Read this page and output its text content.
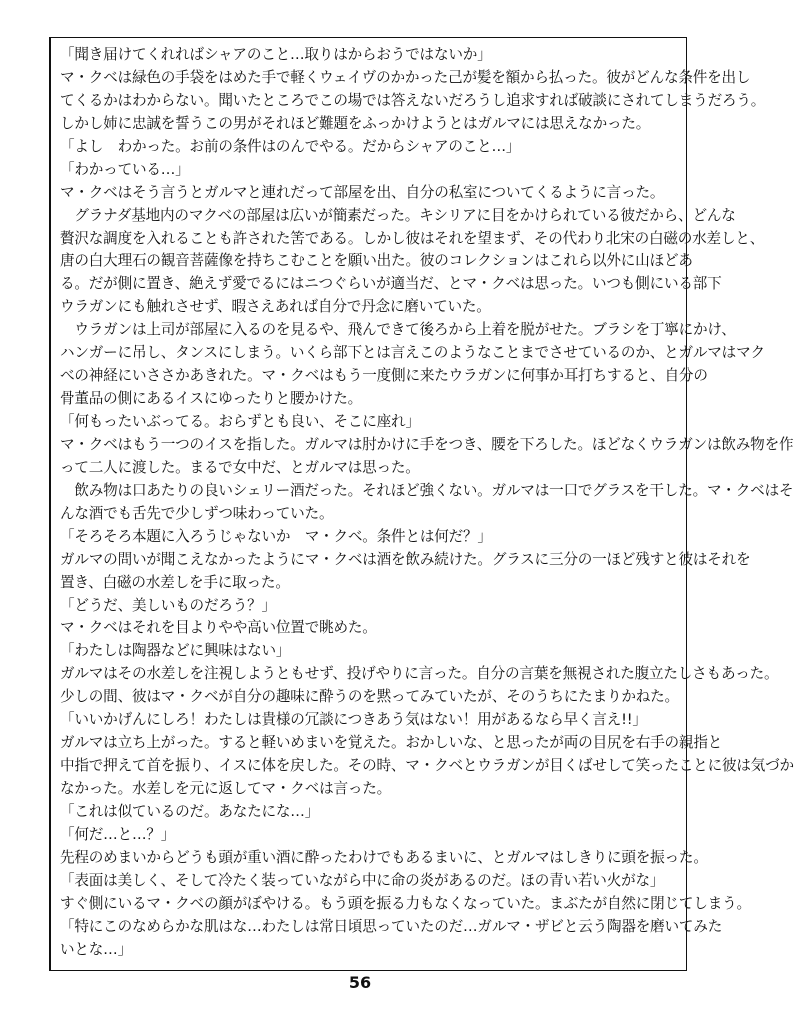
「聞き届けてくれればシャアのこと…取りはからおうではないか」
マ・クベは緑色の手袋をはめた手で軽くウェイヴのかかった己が髪を額から払った。彼がどんな条件を出し
てくるかはわからない。聞いたところでこの場では答えないだろうし追求すれば破談にされてしまうだろう。
しかし姉に忠誠を誓うこの男がそれほど難題をふっかけようとはガルマには思えなかった。
「よし　わかった。お前の条件はのんでやる。だからシャアのこと…」
「わかっている…」
マ・クベはそう言うとガルマと連れだって部屋を出、自分の私室についてくるように言った。
　グラナダ基地内のマクベの部屋は広いが簡素だった。キシリアに目をかけられている彼だから、どんな
贅沢な調度を入れることも許された筈である。しかし彼はそれを望まず、その代わり北宋の白磁の水差しと、
唐の白大理石の観音菩薩像を持ちこむことを願い出た。彼のコレクションはこれら以外に山ほどあ
る。だが側に置き、絶えず愛でるにはニつぐらいが適当だ、とマ・クベは思った。いつも側にいる部下
ウラガンにも触れさせず、暇さえあれば自分で丹念に磨いていた。
　ウラガンは上司が部屋に入るのを見るや、飛んできて後ろから上着を脱がせた。ブラシを丁寧にかけ、
ハンガーに吊し、タンスにしまう。いくら部下とは言えこのようなことまでさせているのか、とガルマはマク
べの神経にいささかあきれた。マ・クベはもう一度側に来たウラガンに何事か耳打ちすると、自分の
骨董品の側にあるイスにゆったりと腰かけた。
「何もったいぶってる。おらずとも良い、そこに座れ」
マ・クベはもう一つのイスを指した。ガルマは肘かけに手をつき、腰を下ろした。ほどなくウラガンは飲み物を作
って二人に渡した。まるで女中だ、とガルマは思った。
　飲み物は口あたりの良いシェリー酒だった。それほど強くない。ガルマは一口でグラスを干した。マ・クベはそ
んな酒でも舌先で少しずつ味わっていた。
「そろそろ本題に入ろうじゃないか　マ・クベ。条件とは何だ？」
ガルマの問いが聞こえなかったようにマ・クベは酒を飲み続けた。グラスに三分の一ほど残すと彼はそれを
置き、白磁の水差しを手に取った。
「どうだ、美しいものだろう？」
マ・クベはそれを目よりやや高い位置で眺めた。
「わたしは陶器などに興味はない」
ガルマはその水差しを注視しようともせず、投げやりに言った。自分の言葉を無視された腹立たしさもあった。
少しの間、彼はマ・クベが自分の趣味に酔うのを黙ってみていたが、そのうちにたまりかねた。
「いいかげんにしろ！わたしは貴様の冗談につきあう気はない！用があるなら早く言え!!」
ガルマは立ち上がった。すると軽いめまいを覚えた。おかしいな、と思ったが両の目尻を右手の親指と
中指で押えて首を振り、イスに体を戻した。その時、マ・クベとウラガンが目くばせして笑ったことに彼は気づか
なかった。水差しを元に返してマ・クベは言った。
「これは似ているのだ。あなたにな…」
「何だ…と…？」
先程のめまいからどうも頭が重い酒に酔ったわけでもあるまいに、とガルマはしきりに頭を振った。
「表面は美しく、そして冷たく装っていながら中に命の炎があるのだ。ほの青い若い火がな」
すぐ側にいるマ・クベの顔がぼやける。もう頭を振る力もなくなっていた。まぶたが自然に閉じてしまう。
「特にこのなめらかな肌はな…わたしは常日頃思っていたのだ…ガルマ・ザビと云う陶器を磨いてみた
いとな…」
56
